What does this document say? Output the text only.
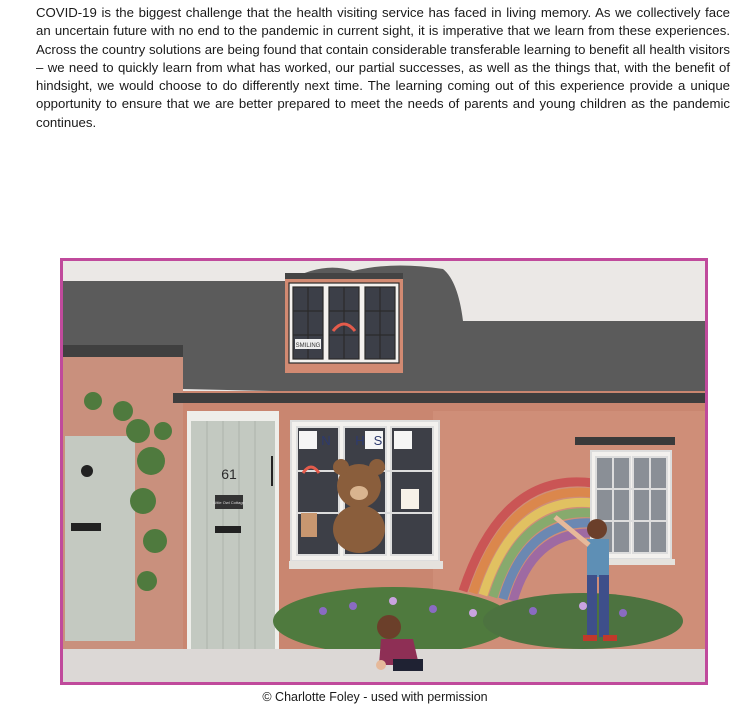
COVID-19 is the biggest challenge that the health visiting service has faced in living memory. As we collectively face an uncertain future with no end to the pandemic in current sight, it is imperative that we learn from these experiences. Across the country solutions are being found that contain considerable transferable learning to benefit all health visitors – we need to quickly learn from what has worked, our partial successes, as well as the things that, with the benefit of hindsight, we would choose to do differently next time. The learning coming out of this experience provide a unique opportunity to ensure that we are better prepared to meet the needs of parents and young children as the pandemic continues.

SMILING
61
Little Owl Cottage
N H S
© Charlotte Foley - used with permission
